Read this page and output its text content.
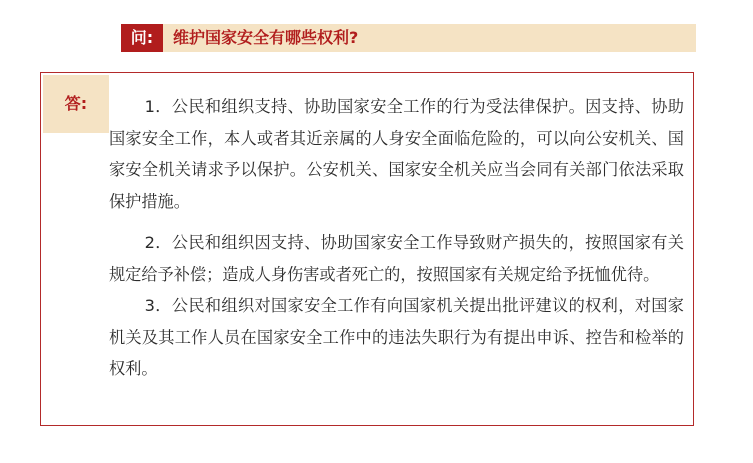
问:	维护国家安全有哪些权利?
答:	1．公民和组织支持、协助国家安全工作的行为受法律保护。因支持、协助国家安全工作，本人或者其近亲属的人身安全面临危险的，可以向公安机关、国家安全机关请求予以保护。公安机关、国家安全机关应当会同有关部门依法采取保护措施。

2．公民和组织因支持、协助国家安全工作导致财产损失的，按照国家有关规定给予补偿；造成人身伤害或者死亡的，按照国家有关规定给予抚恤优待。

3．公民和组织对国家安全工作有向国家机关提出批评建议的权利，对国家机关及其工作人员在国家安全工作中的违法失职行为有提出申诉、控告和检举的权利。
